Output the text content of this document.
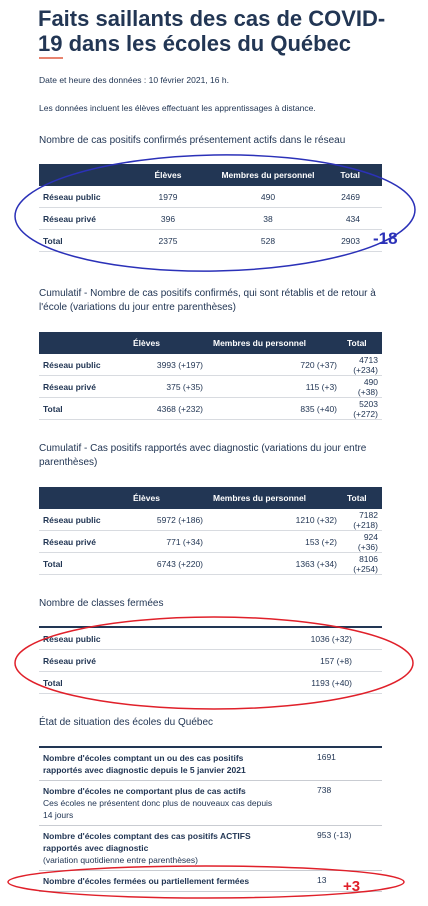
Faits saillants des cas de COVID-19 dans les écoles du Québec
Date et heure des données : 10 février 2021, 16 h.
Les données incluent les élèves effectuant les apprentissages à distance.
Nombre de cas positifs confirmés présentement actifs dans le réseau
	Élèves	Membres du personnel	Total
Réseau public	1979	490	2469
Réseau privé	396	38	434
Total	2375	528	2903
Cumulatif - Nombre de cas positifs confirmés, qui sont rétablis et de retour à l'école (variations du jour entre parenthèses)
	Élèves	Membres du personnel	Total
Réseau public	3993 (+197)	720 (+37)	4713 (+234)
Réseau privé	375 (+35)	115 (+3)	490 (+38)
Total	4368 (+232)	835 (+40)	5203 (+272)
Cumulatif - Cas positifs rapportés avec diagnostic (variations du jour entre parenthèses)
	Élèves	Membres du personnel	Total
Réseau public	5972 (+186)	1210 (+32)	7182 (+218)
Réseau privé	771 (+34)	153 (+2)	924 (+36)
Total	6743 (+220)	1363 (+34)	8106 (+254)
Nombre de classes fermées
Réseau public	1036 (+32)
Réseau privé	157 (+8)
Total	1193 (+40)
État de situation des écoles du Québec
Nombre d'écoles comptant un ou des cas positifs rapportés avec diagnostic depuis le 5 janvier 2021	1691

Nombre d'écoles ne comportant plus de cas actifs
Ces écoles ne présentent donc plus de nouveaux cas depuis 14 jours	738

Nombre d'écoles comptant des cas positifs ACTIFS rapportés avec diagnostic
(variation quotidienne entre parenthèses)	953 (-13)

Nombre d'écoles fermées ou partiellement fermées	13
-18
+3
